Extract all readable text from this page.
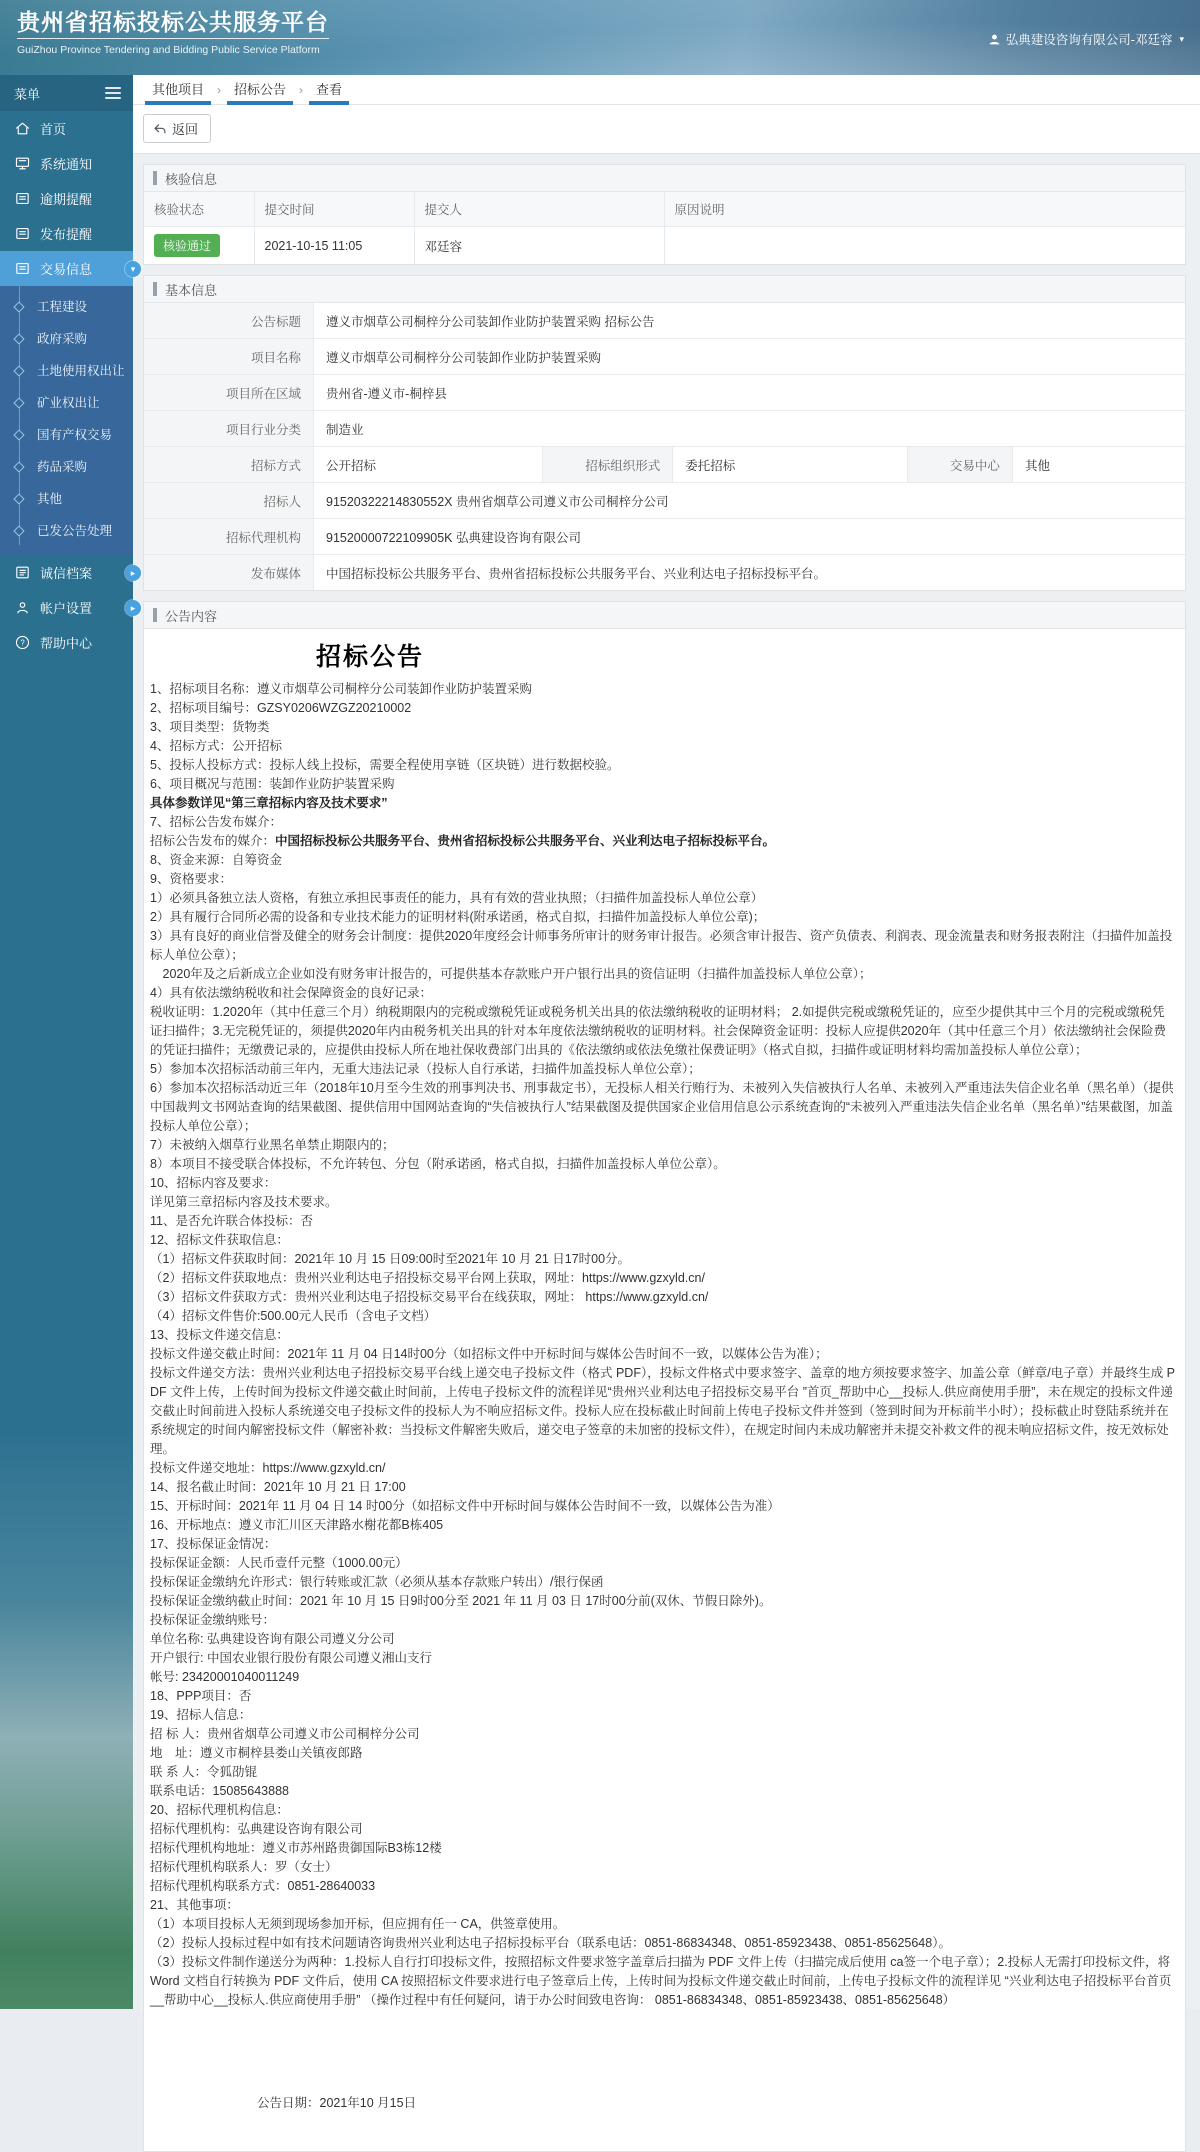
贵州省招标投标公共服务平台
GuiZhou Province Tendering and Bidding Public Service Platform
弘典建设咨询有限公司-邓廷容 ▾
菜单
首页
系统通知
逾期提醒
发布提醒
交易信息	▾
工程建设
政府采购
土地使用权出让
矿业权出让
国有产权交易
药品采购
其他
已发公告处理
诚信档案	▸
帐户设置	▸
? 帮助中心
其他项目	›	招标公告	›	查看
返回
核验信息
核验状态	提交时间	提交人	原因说明
核验通过	2021-10-15 11:05	邓廷容	
基本信息
公告标题	遵义市烟草公司桐梓分公司装卸作业防护装置采购 招标公告
项目名称	遵义市烟草公司桐梓分公司装卸作业防护装置采购
项目所在区域	贵州省-遵义市-桐梓县
项目行业分类	制造业
招标方式	公开招标	招标组织形式	委托招标	交易中心	其他
招标人	91520322214830552X 贵州省烟草公司遵义市公司桐梓分公司
招标代理机构	91520000722109905K 弘典建设咨询有限公司
发布媒体	中国招标投标公共服务平台、贵州省招标投标公共服务平台、兴业利达电子招标投标平台。
公告内容
招标公告
1、招标项目名称：遵义市烟草公司桐梓分公司装卸作业防护装置采购
2、招标项目编号：GZSY0206WZGZ20210002
3、项目类型：货物类
4、招标方式：公开招标
5、投标人投标方式：投标人线上投标，需要全程使用享链（区块链）进行数据校验。
6、项目概况与范围：装卸作业防护装置采购
具体参数详见“第三章招标内容及技术要求”
7、招标公告发布媒介：
招标公告发布的媒介：中国招标投标公共服务平台、贵州省招标投标公共服务平台、兴业利达电子招标投标平台。
8、资金来源：自筹资金
9、资格要求：
1）必须具备独立法人资格，有独立承担民事责任的能力，具有有效的营业执照；（扫描件加盖投标人单位公章）
2）具有履行合同所必需的设备和专业技术能力的证明材料(附承诺函，格式自拟，扫描件加盖投标人单位公章)；
3）具有良好的商业信誉及健全的财务会计制度：提供2020年度经会计师事务所审计的财务审计报告。必须含审计报告、资产负债表、利润表、现金流量表和财务报表附注（扫描件加盖投标人单位公章）；
　2020年及之后新成立企业如没有财务审计报告的，可提供基本存款账户开户银行出具的资信证明（扫描件加盖投标人单位公章）；
4）具有依法缴纳税收和社会保障资金的良好记录：
税收证明：1.2020年（其中任意三个月）纳税期限内的完税或缴税凭证或税务机关出具的依法缴纳税收的证明材料； 2.如提供完税或缴税凭证的，应至少提供其中三个月的完税或缴税凭证扫描件；3.无完税凭证的，须提供2020年内由税务机关出具的针对本年度依法缴纳税收的证明材料。社会保障资金证明：投标人应提供2020年（其中任意三个月）依法缴纳社会保险费的凭证扫描件；无缴费记录的，应提供由投标人所在地社保收费部门出具的《依法缴纳或依法免缴社保费证明》（格式自拟，扫描件或证明材料均需加盖投标人单位公章）；
5）参加本次招标活动前三年内，无重大违法记录（投标人自行承诺，扫描件加盖投标人单位公章）；
6）参加本次招标活动近三年（2018年10月至今生效的刑事判决书、刑事裁定书），无投标人相关行贿行为、未被列入失信被执行人名单、未被列入严重违法失信企业名单（黑名单）（提供中国裁判文书网站查询的结果截图、提供信用中国网站查询的“失信被执行人”结果截图及提供国家企业信用信息公示系统查询的“未被列入严重违法失信企业名单（黑名单）”结果截图，加盖投标人单位公章）；
7）未被纳入烟草行业黑名单禁止期限内的；
8）本项目不接受联合体投标，不允许转包、分包（附承诺函，格式自拟，扫描件加盖投标人单位公章）。
10、招标内容及要求：
详见第三章招标内容及技术要求。
11、是否允许联合体投标：否
12、招标文件获取信息：
（1）招标文件获取时间：2021年 10 月 15 日09:00时至2021年 10 月 21 日17时00分。
（2）招标文件获取地点：贵州兴业利达电子招投标交易平台网上获取，网址：https://www.gzxyld.cn/
（3）招标文件获取方式：贵州兴业利达电子招投标交易平台在线获取，网址： https://www.gzxyld.cn/
（4）招标文件售价:500.00元人民币（含电子文档）
13、投标文件递交信息：
投标文件递交截止时间：2021年 11 月 04 日14时00分（如招标文件中开标时间与媒体公告时间不一致，以媒体公告为准）；
投标文件递交方法：贵州兴业利达电子招投标交易平台线上递交电子投标文件（格式 PDF），投标文件格式中要求签字、盖章的地方须按要求签字、加盖公章（鲜章/电子章）并最终生成 PDF 文件上传，上传时间为投标文件递交截止时间前，上传电子投标文件的流程详见“贵州兴业利达电子招投标交易平台 ”首页_帮助中心__投标人.供应商使用手册”，未在规定的投标文件递交截止时间前进入投标人系统递交电子投标文件的投标人为不响应招标文件。投标人应在投标截止时间前上传电子投标文件并签到（签到时间为开标前半小时）；投标截止时登陆系统并在系统规定的时间内解密投标文件（解密补救：当投标文件解密失败后，递交电子签章的未加密的投标文件），在规定时间内未成功解密并未提交补救文件的视未响应招标文件，按无效标处理。
投标文件递交地址：https://www.gzxyld.cn/
14、报名截止时间：2021年 10 月 21 日 17:00
15、开标时间：2021年 11 月 04 日 14 时00分（如招标文件中开标时间与媒体公告时间不一致，以媒体公告为准）
16、开标地点：遵义市汇川区天津路水榭花都B栋405
17、投标保证金情况：
投标保证金额：人民币壹仟元整（1000.00元）
投标保证金缴纳允许形式：银行转账或汇款（必须从基本存款账户转出）/银行保函
投标保证金缴纳截止时间：2021 年 10 月 15 日9时00分至 2021 年 11 月 03 日 17时00分前(双休、节假日除外)。
投标保证金缴纳账号：
单位名称: 弘典建设咨询有限公司遵义分公司
开户银行: 中国农业银行股份有限公司遵义湘山支行
帐号: 23420001040011249
18、PPP项目：否
19、招标人信息：
招 标 人：贵州省烟草公司遵义市公司桐梓分公司
地　址：遵义市桐梓县娄山关镇夜郎路
联 系 人：令狐劭锟
联系电话：15085643888
20、招标代理机构信息：
招标代理机构：弘典建设咨询有限公司
招标代理机构地址：遵义市苏州路贵御国际B3栋12楼
招标代理机构联系人：罗（女士）
招标代理机构联系方式：0851-28640033
21、其他事项：
（1）本项目投标人无须到现场参加开标，但应拥有任一 CA，供签章使用。
（2）投标人投标过程中如有技术问题请咨询贵州兴业利达电子招标投标平台（联系电话：0851-86834348、0851-85923438、0851-85625648）。
（3）投标文件制作递送分为两种：1.投标人自行打印投标文件，按照招标文件要求签字盖章后扫描为 PDF 文件上传（扫描完成后使用 ca签一个电子章）；2.投标人无需打印投标文件，将 Word 文档自行转换为 PDF 文件后，使用 CA 按照招标文件要求进行电子签章后上传，上传时间为投标文件递交截止时间前，上传电子投标文件的流程详见 “兴业利达电子招投标平台首页__帮助中心__投标人.供应商使用手册” （操作过程中有任何疑问，请于办公时间致电咨询： 0851-86834348、0851-85923438、0851-85625648）
公告日期：2021年10 月15日
